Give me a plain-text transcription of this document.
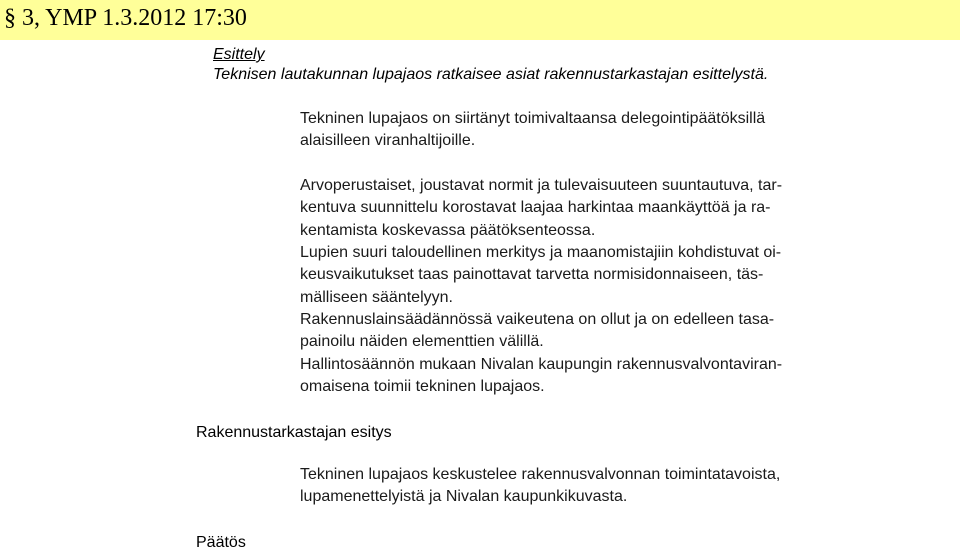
§ 3, YMP 1.3.2012 17:30
Esittely
Teknisen lautakunnan lupajaos ratkaisee asiat rakennustarkastajan esittelystä.

Tekninen lupajaos on siirtänyt toimivaltaansa delegointipäätöksillä
alaisilleen viranhaltijoille.

Arvoperustaiset, joustavat normit ja tulevaisuuteen suuntautuva, tar-
kentuva suunnittelu korostavat laajaa harkintaa maankäyttöä ja ra-
kentamista koskevassa päätöksenteossa.

Lupien suuri taloudellinen merkitys ja maanomistajiin kohdistuvat oi-
keusvaikutukset taas painottavat tarvetta normisidonnaiseen, täs-
mälliseen sääntelyyn.

Rakennuslainsäädännössä vaikeutena on ollut ja on edelleen tasa-
painoilu näiden elementtien välillä.

Hallintosäännön mukaan Nivalan kaupungin rakennusvalvontaviran-
omaisena toimii tekninen lupajaos.

Rakennustarkastajan esitys

Tekninen lupajaos keskustelee rakennusvalvonnan toimintatavoista,
lupamenettelyistä ja Nivalan kaupunkikuvasta.

Päätös
